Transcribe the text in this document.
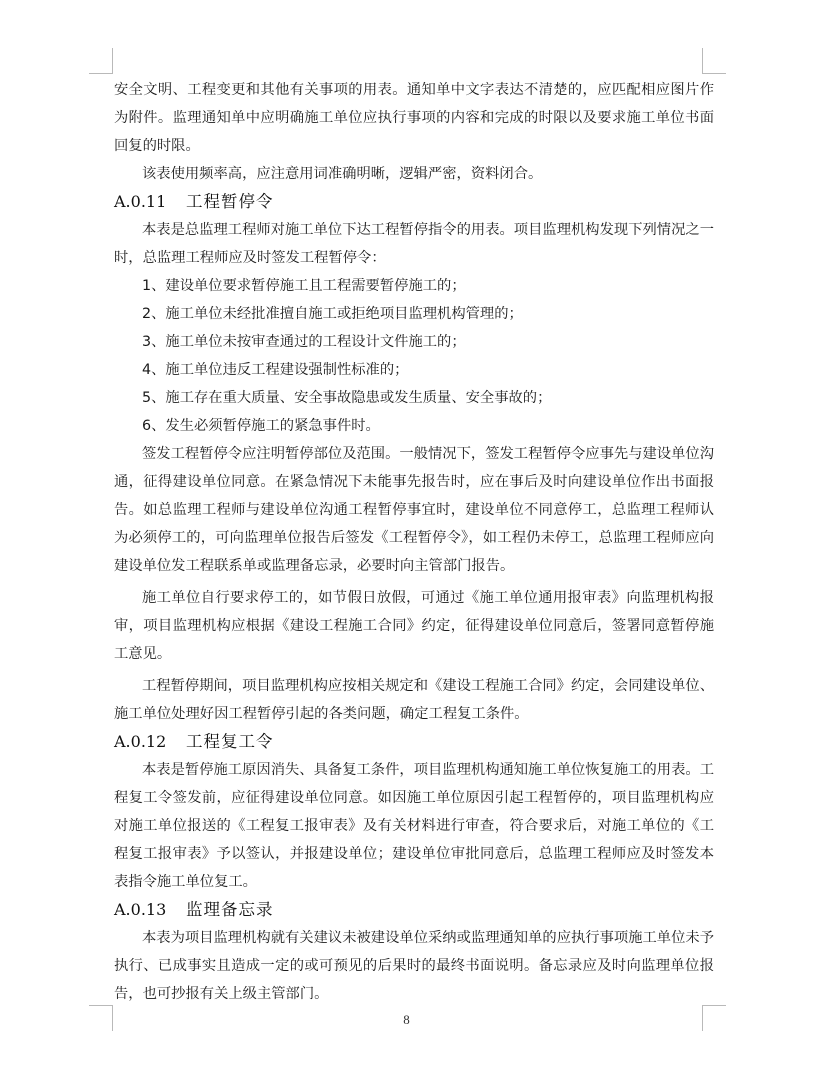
安全文明、工程变更和其他有关事项的用表。通知单中文字表达不清楚的，应匹配相应图片作为附件。监理通知单中应明确施工单位应执行事项的内容和完成的时限以及要求施工单位书面回复的时限。

该表使用频率高，应注意用词准确明晰，逻辑严密，资料闭合。

A.0.11 工程暂停令

本表是总监理工程师对施工单位下达工程暂停指令的用表。项目监理机构发现下列情况之一时，总监理工程师应及时签发工程暂停令：

1、建设单位要求暂停施工且工程需要暂停施工的；

2、施工单位未经批准擅自施工或拒绝项目监理机构管理的；

3、施工单位未按审查通过的工程设计文件施工的；

4、施工单位违反工程建设强制性标准的；

5、施工存在重大质量、安全事故隐患或发生质量、安全事故的；

6、发生必须暂停施工的紧急事件时。

签发工程暂停令应注明暂停部位及范围。一般情况下，签发工程暂停令应事先与建设单位沟通，征得建设单位同意。在紧急情况下未能事先报告时，应在事后及时向建设单位作出书面报告。如总监理工程师与建设单位沟通工程暂停事宜时，建设单位不同意停工，总监理工程师认为必须停工的，可向监理单位报告后签发《工程暂停令》，如工程仍未停工，总监理工程师应向建设单位发工程联系单或监理备忘录，必要时向主管部门报告。

施工单位自行要求停工的，如节假日放假，可通过《施工单位通用报审表》向监理机构报审，项目监理机构应根据《建设工程施工合同》约定，征得建设单位同意后，签署同意暂停施工意见。

工程暂停期间，项目监理机构应按相关规定和《建设工程施工合同》约定，会同建设单位、施工单位处理好因工程暂停引起的各类问题，确定工程复工条件。

A.0.12 工程复工令

本表是暂停施工原因消失、具备复工条件，项目监理机构通知施工单位恢复施工的用表。工程复工令签发前，应征得建设单位同意。如因施工单位原因引起工程暂停的，项目监理机构应对施工单位报送的《工程复工报审表》及有关材料进行审查，符合要求后，对施工单位的《工程复工报审表》予以签认，并报建设单位；建设单位审批同意后，总监理工程师应及时签发本表指令施工单位复工。

A.0.13 监理备忘录

本表为项目监理机构就有关建议未被建设单位采纳或监理通知单的应执行事项施工单位未予执行、已成事实且造成一定的或可预见的后果时的最终书面说明。备忘录应及时向监理单位报告，也可抄报有关上级主管部门。

8
